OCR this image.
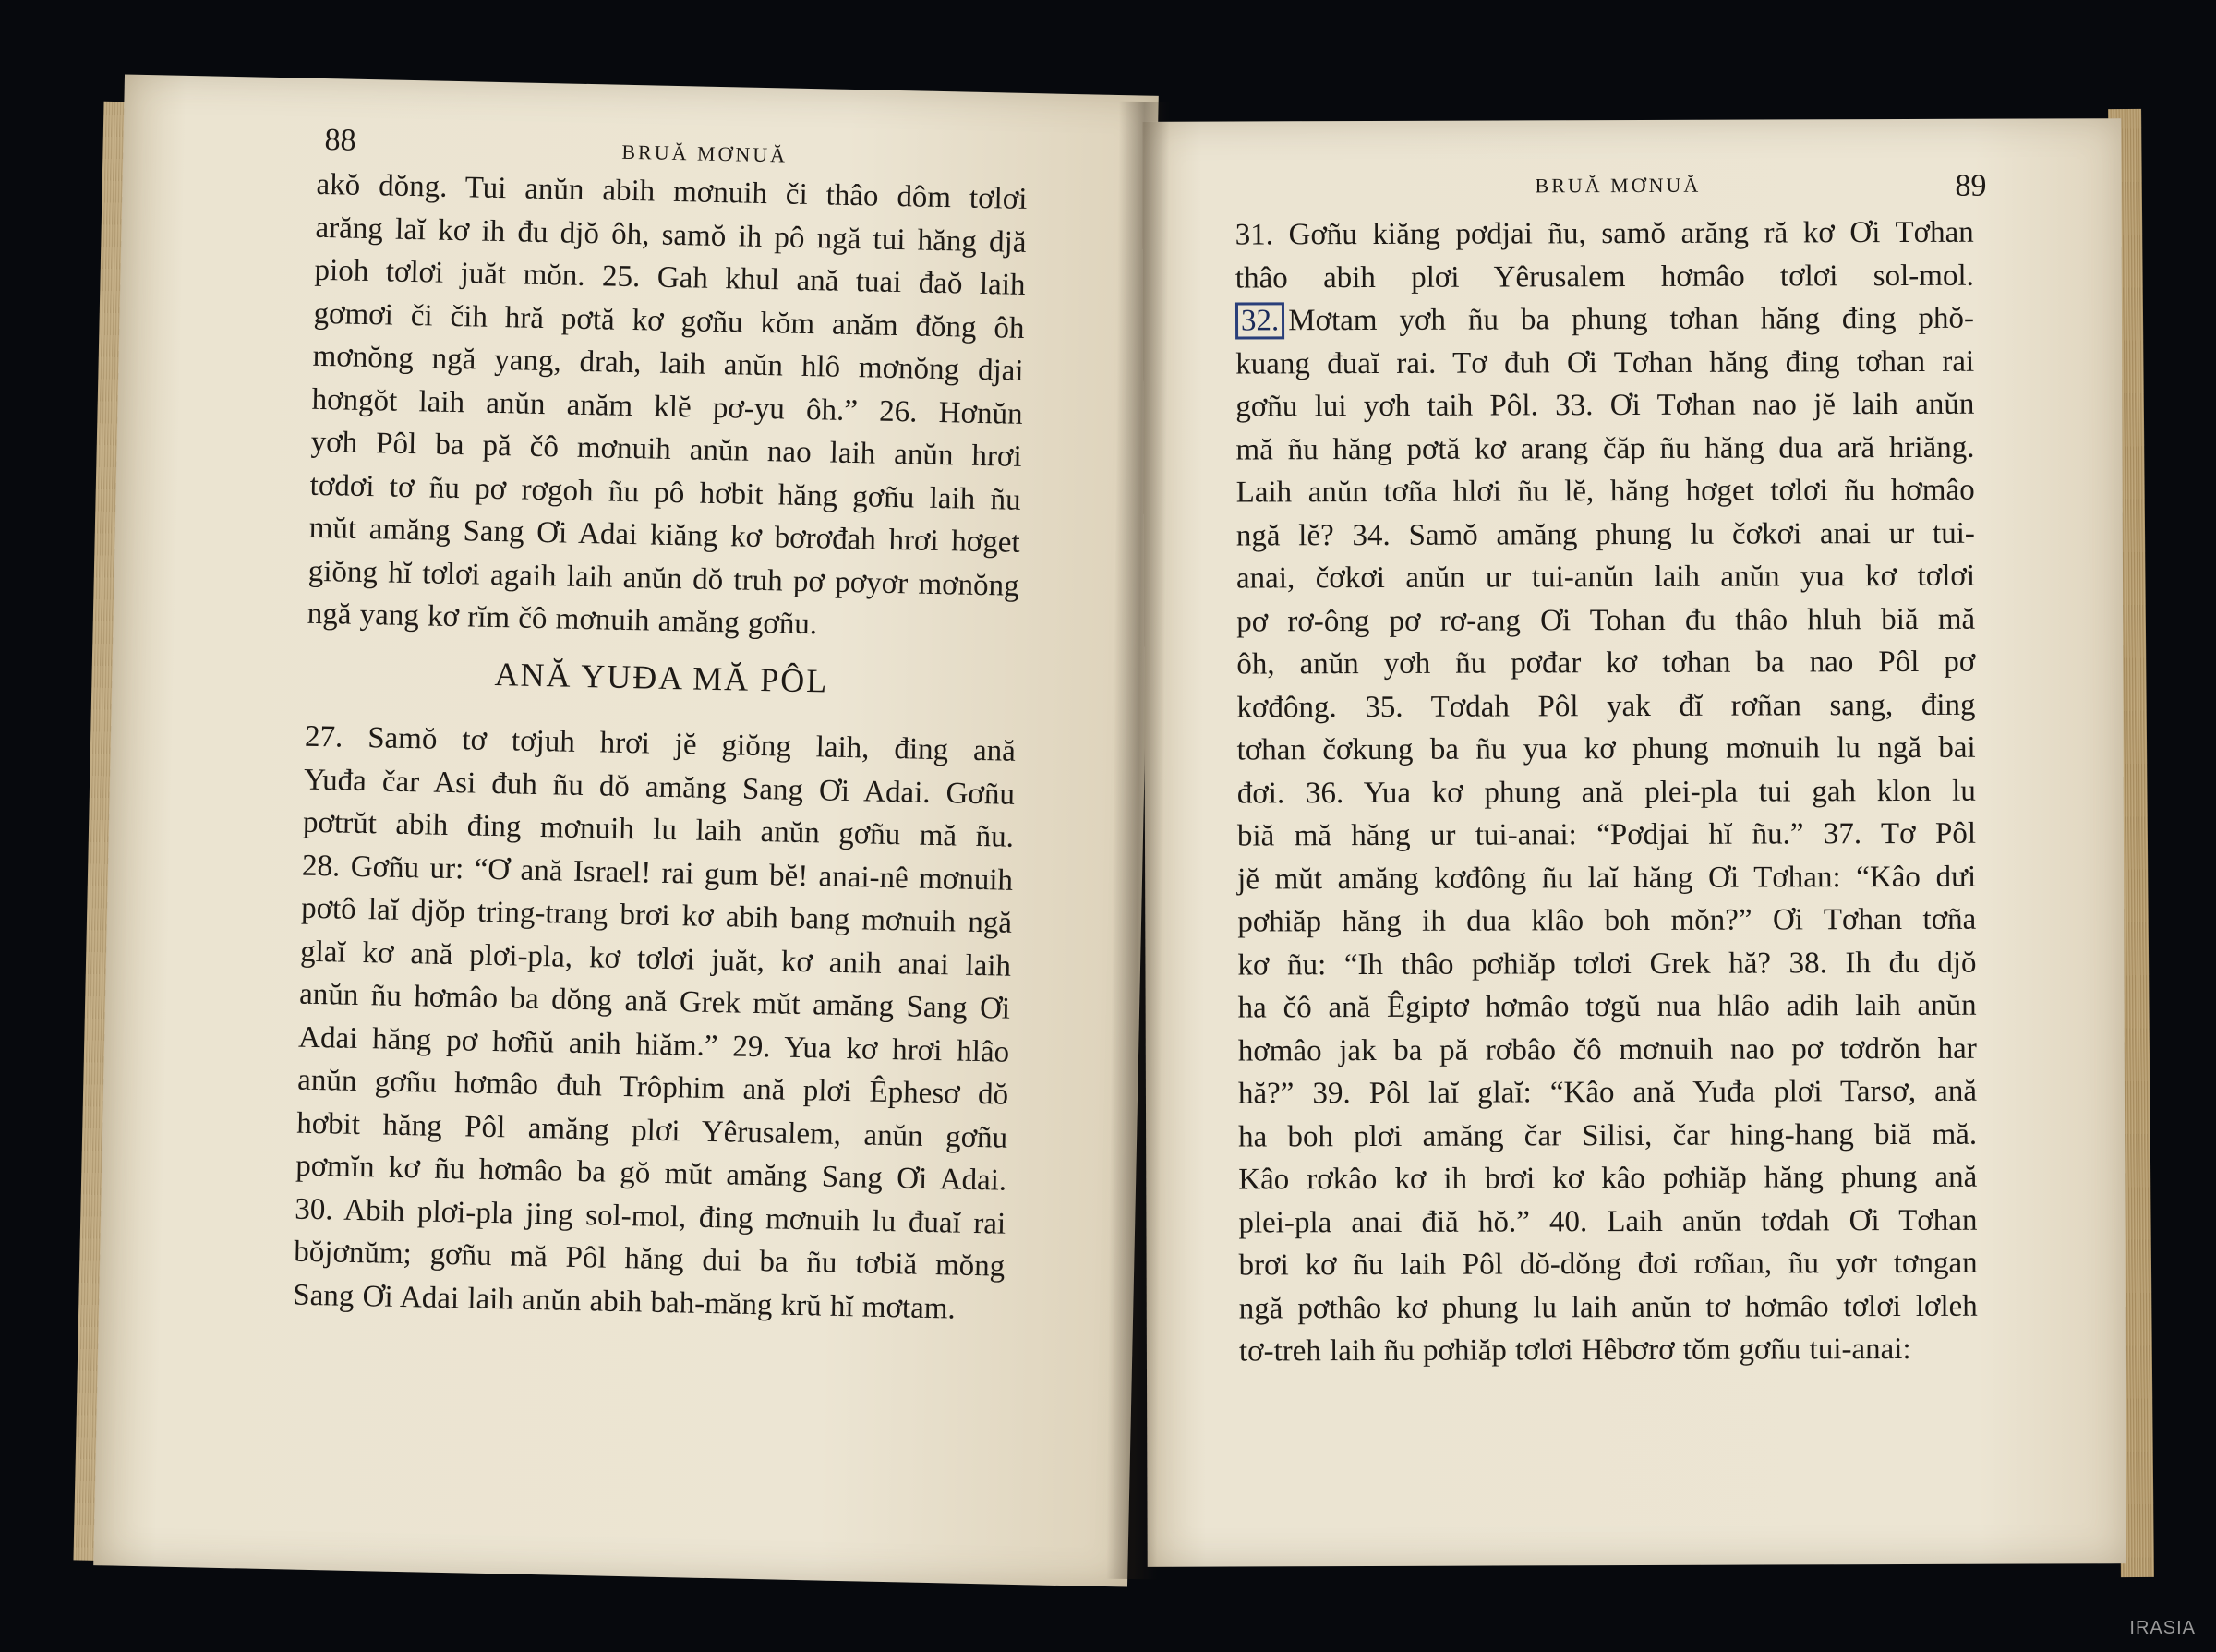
88	BRUĂ MƠNUĂ
akŏ dŏng. Tui anŭn abih mơnuih či thâo dôm tơlơi
arăng laĭ kơ ih đu djŏ ôh, samŏ ih pô ngă tui hăng djă
pioh tơlơi juăt mŏn. 25. Gah khul ană tuai đaŏ laih
gơmơi či čih hră pơtă kơ gơñu kŏm anăm đŏng ôh
mơnŏng ngă yang, drah, laih anŭn hlô mơnŏng djai
hơngŏt laih anŭn anăm klĕ pơ-yu ôh.” 26. Hơnŭn
yơh Pôl ba pă čô mơnuih anŭn nao laih anŭn hrơi
tơdơi tơ ñu pơ rơgoh ñu pô hơbit hăng gơñu laih ñu
mŭt amăng Sang Ơi Adai kiăng kơ bơrơđah hrơi hơget
giŏng hĭ tơlơi agaih laih anŭn dŏ truh pơ pơyơr mơnŏng
ngă yang kơ rĭm čô mơnuih amăng gơñu.
ANĂ YUĐA MĂ PÔL
27. Samŏ tơ tơjuh hrơi jĕ giŏng laih, đing ană
Yuđa čar Asi đuh ñu dŏ amăng Sang Ơi Adai. Gơñu
pơtrŭt abih đing mơnuih lu laih anŭn gơñu mă ñu.
28. Gơñu ur: “Ơ ană Israel! rai gum bĕ! anai-nê mơnuih
pơtô laĭ djŏp tring-trang brơi kơ abih bang mơnuih ngă
glaĭ kơ ană plơi-pla, kơ tơlơi juăt, kơ anih anai laih
anŭn ñu hơmâo ba dŏng ană Grek mŭt amăng Sang Ơi
Adai hăng pơ hơñŭ anih hiăm.” 29. Yua kơ hrơi hlâo
anŭn gơñu hơmâo đuh Trôphim ană plơi Êphesơ dŏ
hơbit hăng Pôl amăng plơi Yêrusalem, anŭn gơñu
pơmĭn kơ ñu hơmâo ba gŏ mŭt amăng Sang Ơi Adai.
30. Abih plơi-pla jing sol-mol, đing mơnuih lu đuaĭ rai
bŏjơnŭm; gơñu mă Pôl hăng dui ba ñu tơbiă mŏng
Sang Ơi Adai laih anŭn abih bah-măng krŭ hĭ mơtam.
BRUĂ MƠNUĂ	89
31. Gơñu kiăng pơdjai ñu, samŏ arăng ră kơ Ơi Tơhan
thâo abih plơi Yêrusalem hơmâo tơlơi sol-mol.
32. Mơtam yơh ñu ba phung tơhan hăng đing phŏ-
kuang đuaĭ rai. Tơ đuh Ơi Tơhan hăng đing tơhan rai
gơñu lui yơh taih Pôl. 33. Ơi Tơhan nao jĕ laih anŭn
mă ñu hăng pơtă kơ arang čăp ñu hăng dua ară hriăng.
Laih anŭn tơña hlơi ñu lĕ, hăng hơget tơlơi ñu hơmâo
ngă lĕ? 34. Samŏ amăng phung lu čơkơi anai ur tui-
anai, čơkơi anŭn ur tui-anŭn laih anŭn yua kơ tơlơi
pơ rơ-ông pơ rơ-ang Ơi Tohan đu thâo hluh biă mă
ôh, anŭn yơh ñu pơđar kơ tơhan ba nao Pôl pơ
kơđông. 35. Tơdah Pôl yak đĭ rơñan sang, đing
tơhan čơkung ba ñu yua kơ phung mơnuih lu ngă bai
đơi. 36. Yua kơ phung ană plei-pla tui gah klon lu
biă mă hăng ur tui-anai: “Pơdjai hĭ ñu.” 37. Tơ Pôl
jĕ mŭt amăng kơđông ñu laĭ hăng Ơi Tơhan: “Kâo dưi
pơhiăp hăng ih dua klâo boh mŏn?” Ơi Tơhan tơña
kơ ñu: “Ih thâo pơhiăp tơlơi Grek hă? 38. Ih đu djŏ
ha čô ană Êgiptơ hơmâo tơgŭ nua hlâo adih laih anŭn
hơmâo jak ba pă rơbâo čô mơnuih nao pơ tơdrŏn har
hă?” 39. Pôl laĭ glaĭ: “Kâo ană Yuđa plơi Tarsơ, ană
ha boh plơi amăng čar Silisi, čar hing-hang biă mă.
Kâo rơkâo kơ ih brơi kơ kâo pơhiăp hăng phung ană
plei-pla anai điă hŏ.” 40. Laih anŭn tơdah Ơi Tơhan
brơi kơ ñu laih Pôl dŏ-dŏng đơi rơñan, ñu yơr tơngan
ngă pơthâo kơ phung lu laih anŭn tơ hơmâo tơlơi lơleh
tơ-treh laih ñu pơhiăp tơlơi Hêbơrơ tŏm gơñu tui-anai:
IRASIA
